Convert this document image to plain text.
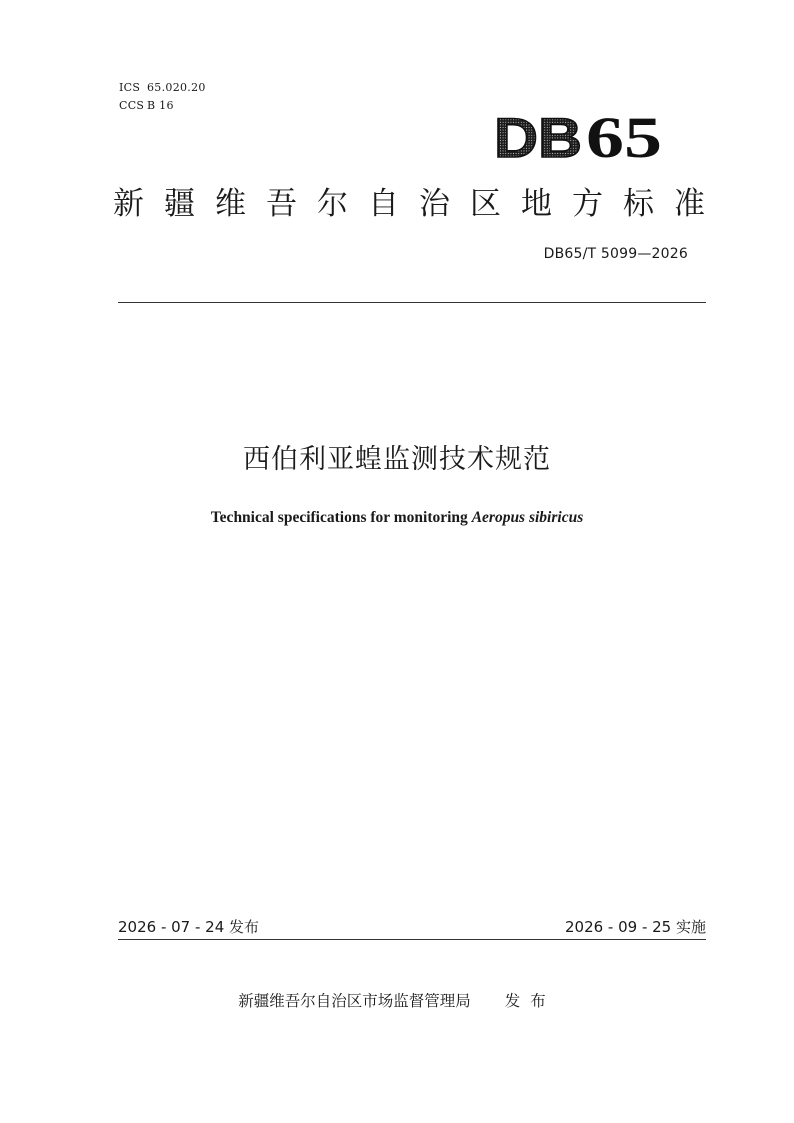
ICS 65.020.20
CCS B 16
DB 65
新 疆 维 吾 尔 自 治 区 地 方 标 准
DB65/T 5099—2026
西伯利亚蝗监测技术规范
Technical specifications for monitoring Aeropus sibiricus
2026 - 07 - 24 发布	2026 - 09 - 25 实施
新疆维吾尔自治区市场监督管理局 发布
